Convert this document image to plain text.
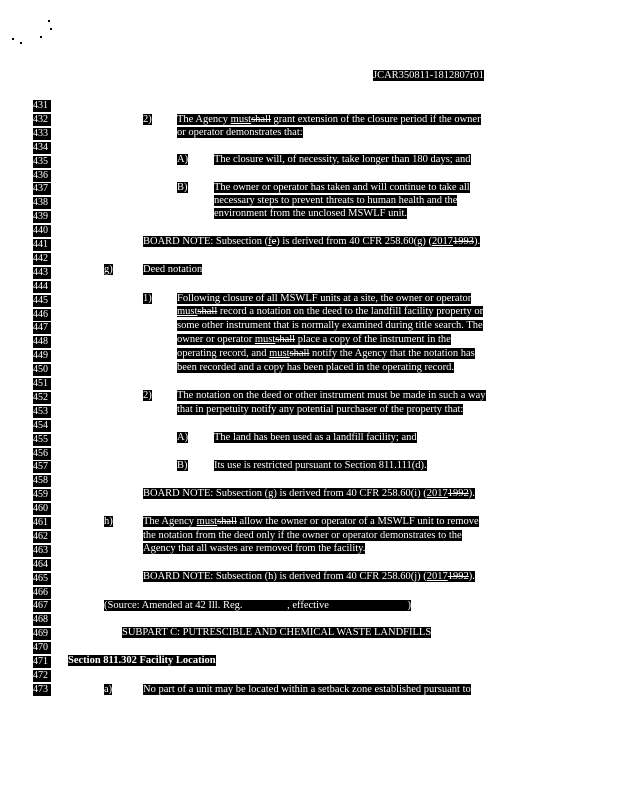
JCAR350811-1812807r01
431
432
433
434
435
436
437
438
439
440
441
442
443
444
445
446
447
448
449
450
451
452
453
454
455
456
457
458
459
460
461
462
463
464
465
466
467
468
469
470
471
472
473
2) The Agency mustshall grant extension of the closure period if the owner
or operator demonstrates that:
A) The closure will, of necessity, take longer than 180 days; and
B)	The owner or operator has taken and will continue to take all
necessary steps to prevent threats to human health and the
environment from the unclosed MSWLF unit.
BOARD NOTE: Subsection (fe) is derived from 40 CFR 258.60(g) (20171993).
g)	Deed notation
1) Following closure of all MSWLF units at a site, the owner or operator
mustshall record a notation on the deed to the landfill facility property or
some other instrument that is normally examined during title search. The
owner or operator mustshall place a copy of the instrument in the
operating record, and mustshall notify the Agency that the notation has
been recorded and a copy has been placed in the operating record.
2) The notation on the deed or other instrument must be made in such a way
that in perpetuity notify any potential purchaser of the property that:
A) The land has been used as a landfill facility; and
B)	Its use is restricted pursuant to Section 811.111(d).
BOARD NOTE: Subsection (g) is derived from 40 CFR 258.60(i) (20171992).
h)	The Agency mustshall allow the owner or operator of a MSWLF unit to remove
the notation from the deed only if the owner or operator demonstrates to the
Agency that all wastes are removed from the facility.
BOARD NOTE: Subsection (h) is derived from 40 CFR 258.60(j) (20171992).
(Source: Amended at 42 Ill. Reg.	, effective	)
SUBPART C: PUTRESCIBLE AND CHEMICAL WASTE LANDFILLS
Section 811.302 Facility Location
a)	No part of a unit may be located within a setback zone established pursuant to
